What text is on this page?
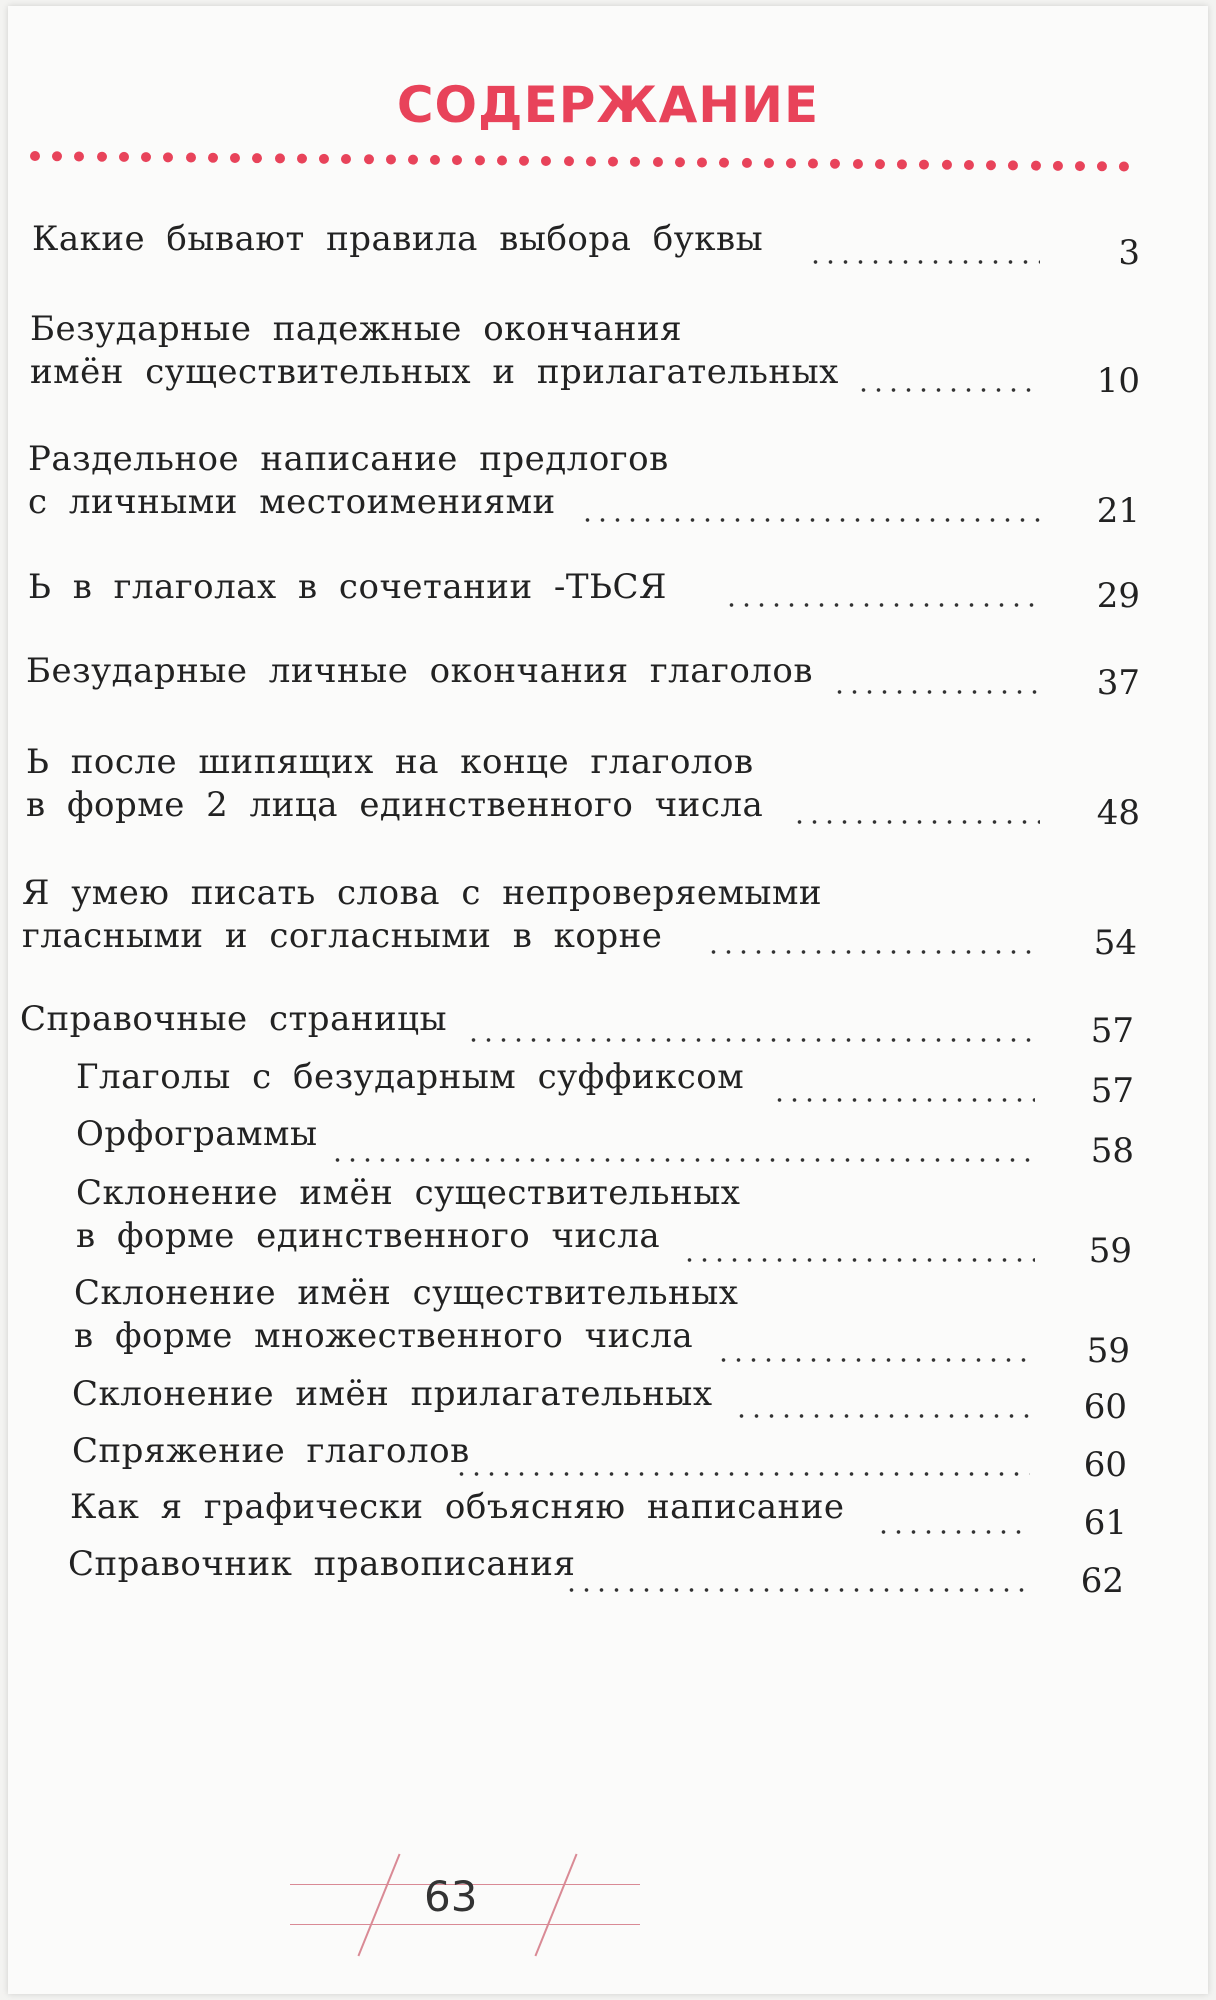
СОДЕРЖАНИЕ
Какие бывают правила выбора буквы	3
Безударные падежные окончания
имён существительных и прилагательных	10
Раздельное написание предлогов
с личными местоимениями	21
Ь в глаголах в сочетании -ТЬСЯ	29
Безударные личные окончания глаголов	37
Ь после шипящих на конце глаголов
в форме 2 лица единственного числа	48
Я умею писать слова с непроверяемыми
гласными и согласными в корне	54
Справочные страницы	57
Глаголы с безударным суффиксом	57
Орфограммы	58
Склонение имён существительных
в форме единственного числа	59
Склонение имён существительных
в форме множественного числа	59
Склонение имён прилагательных	60
Спряжение глаголов	60
Как я графически объясняю написание	61
Справочник правописания	62
63
